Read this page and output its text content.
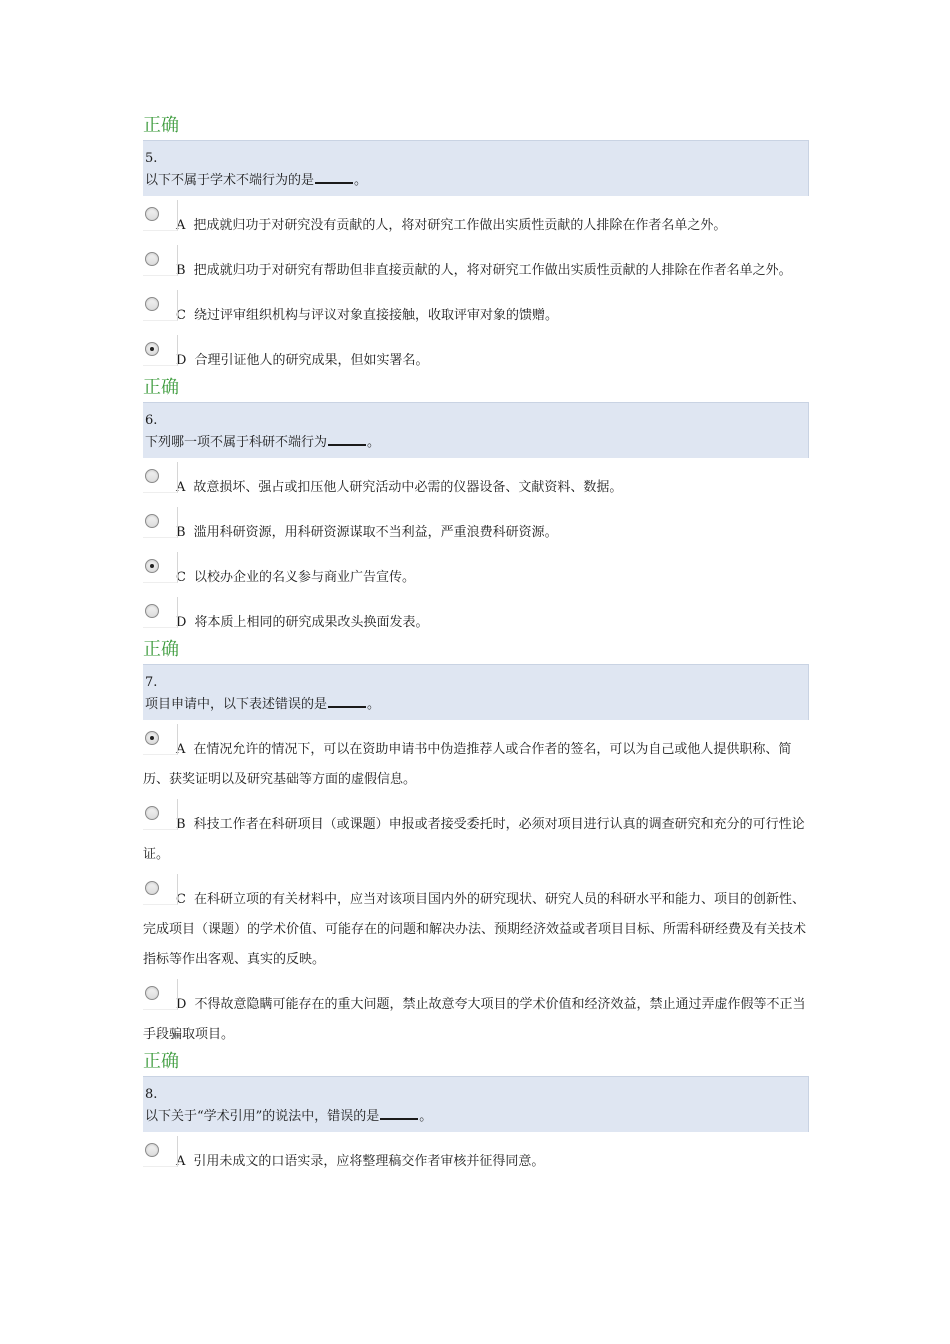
正确
5.
以下不属于学术不端行为的是	。
A 把成就归功于对研究没有贡献的人，将对研究工作做出实质性贡献的人排除在作者名单之外。
B 把成就归功于对研究有帮助但非直接贡献的人，将对研究工作做出实质性贡献的人排除在作者名单之外。
C 绕过评审组织机构与评议对象直接接触，收取评审对象的馈赠。
D 合理引证他人的研究成果，但如实署名。
正确
6.
下列哪一项不属于科研不端行为	。
A 故意损坏、强占或扣压他人研究活动中必需的仪器设备、文献资料、数据。
B 滥用科研资源，用科研资源谋取不当利益，严重浪费科研资源。
C 以校办企业的名义参与商业广告宣传。
D 将本质上相同的研究成果改头换面发表。
正确
7.
项目申请中，以下表述错误的是	。
A 在情况允许的情况下，可以在资助申请书中伪造推荐人或合作者的签名，可以为自己或他人提供职称、简历、获奖证明以及研究基础等方面的虚假信息。
B 科技工作者在科研项目（或课题）申报或者接受委托时，必须对项目进行认真的调查研究和充分的可行性论证。
C 在科研立项的有关材料中，应当对该项目国内外的研究现状、研究人员的科研水平和能力、项目的创新性、完成项目（课题）的学术价值、可能存在的问题和解决办法、预期经济效益或者项目目标、所需科研经费及有关技术指标等作出客观、真实的反映。
D 不得故意隐瞒可能存在的重大问题，禁止故意夸大项目的学术价值和经济效益，禁止通过弄虚作假等不正当手段骗取项目。
正确
8.
以下关于“学术引用”的说法中，错误的是	。
A 引用未成文的口语实录，应将整理稿交作者审核并征得同意。
